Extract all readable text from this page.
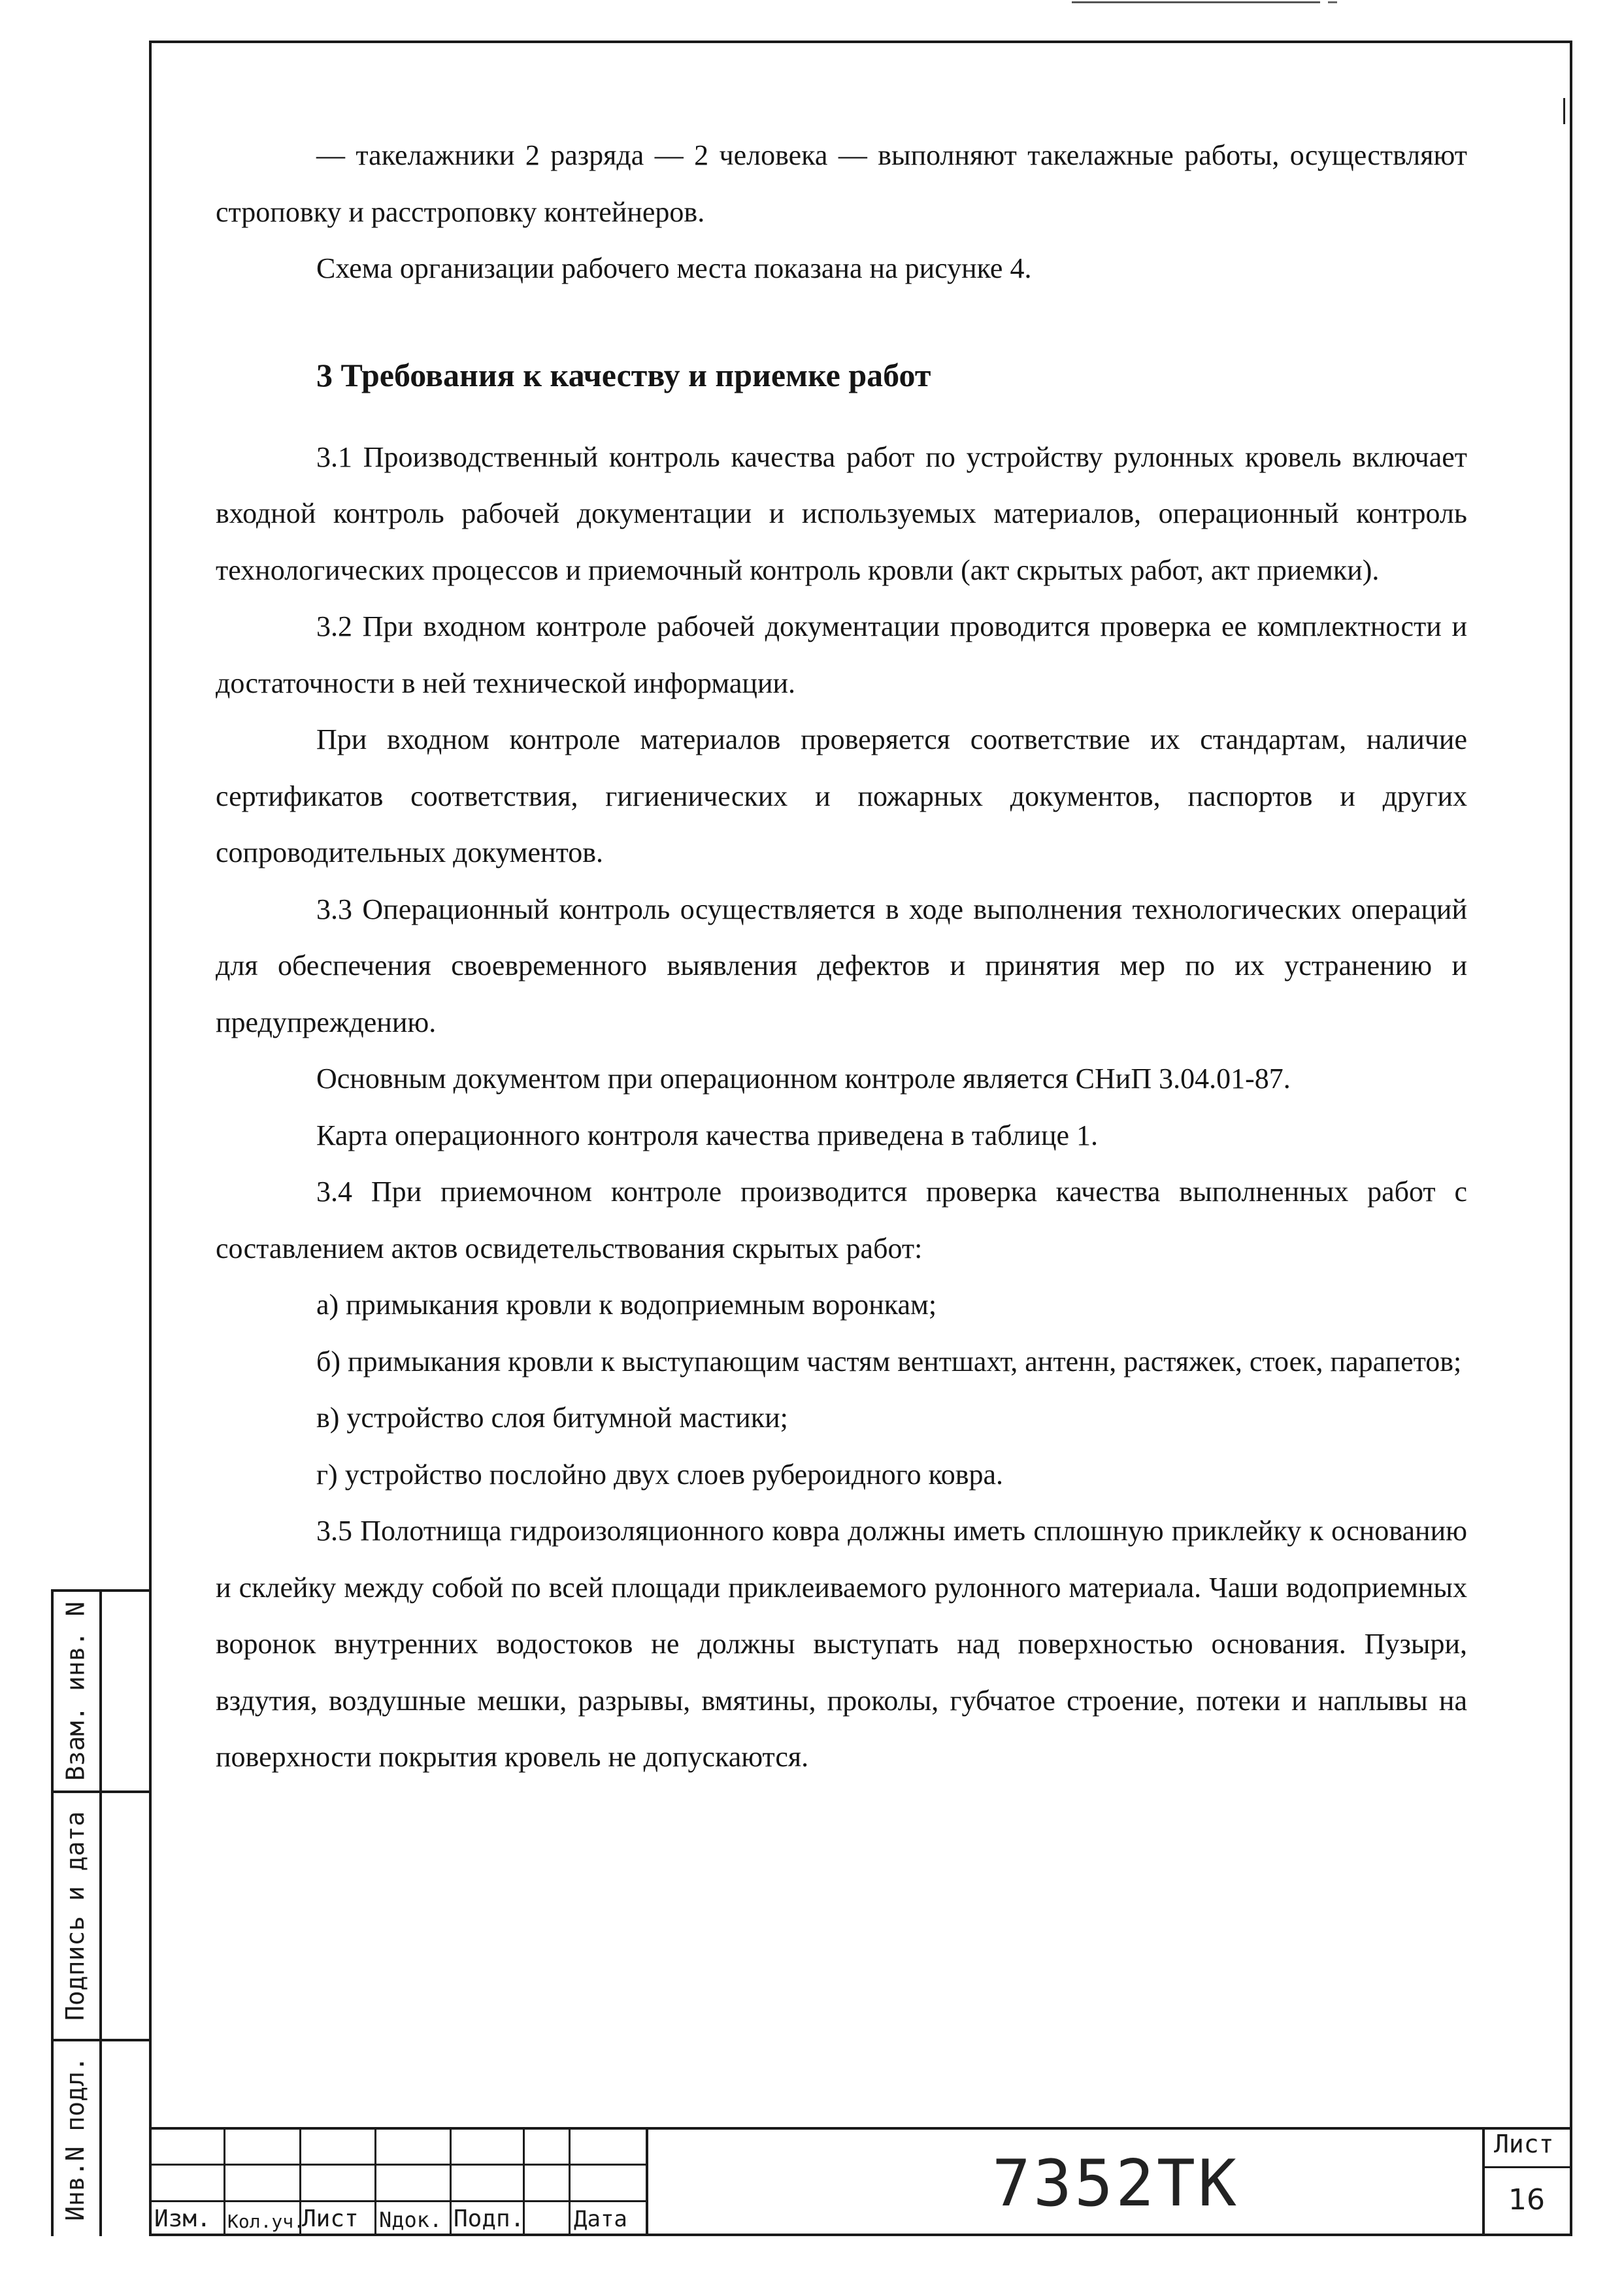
— такелажники 2 разряда — 2 человека — выполняют такелажные работы, осуществляют строповку и расстроповку контейнеров.

Схема организации рабочего места показана на рисунке 4.

3 Требования к качеству и приемке работ

3.1 Производственный контроль качества работ по устройству рулонных кровель включает входной контроль рабочей документации и используемых материалов, операционный контроль технологических процессов и приемочный контроль кровли (акт скрытых работ, акт приемки).

3.2 При входном контроле рабочей документации проводится проверка ее комплектности и достаточности в ней технической информации.

При входном контроле материалов проверяется соответствие их стандартам, наличие сертификатов соответствия, гигиенических и пожарных документов, паспортов и других сопроводительных документов.

3.3 Операционный контроль осуществляется в ходе выполнения технологических операций для обеспечения своевременного выявления дефектов и принятия мер по их устранению и предупреждению.

Основным документом при операционном контроле является СНиП 3.04.01-87.

Карта операционного контроля качества приведена в таблице 1.

3.4 При приемочном контроле производится проверка качества выполненных работ с составлением актов освидетельствования скрытых работ:

а) примыкания кровли к водоприемным воронкам;

б) примыкания кровли к выступающим частям вентшахт, антенн, растяжек, стоек, парапетов;

в) устройство слоя битумной мастики;

г) устройство послойно двух слоев рубероидного ковра.

3.5 Полотнища гидроизоляционного ковра должны иметь сплошную приклейку к основанию и склейку между собой по всей площади приклеиваемого рулонного материала. Чаши водоприемных воронок внутренних водостоков не должны выступать над поверхностью основания. Пузыри, вздутия, воздушные мешки, разрывы, вмятины, проколы, губчатое строение, потеки и наплывы на поверхности покрытия кровель не допускаются.

Взам. инв. N
Подпись и дата
Инв.N подл.	Изм. Кол.уч.
Лист Nдок. Подп. Дата	7352ТК
Лист
16
